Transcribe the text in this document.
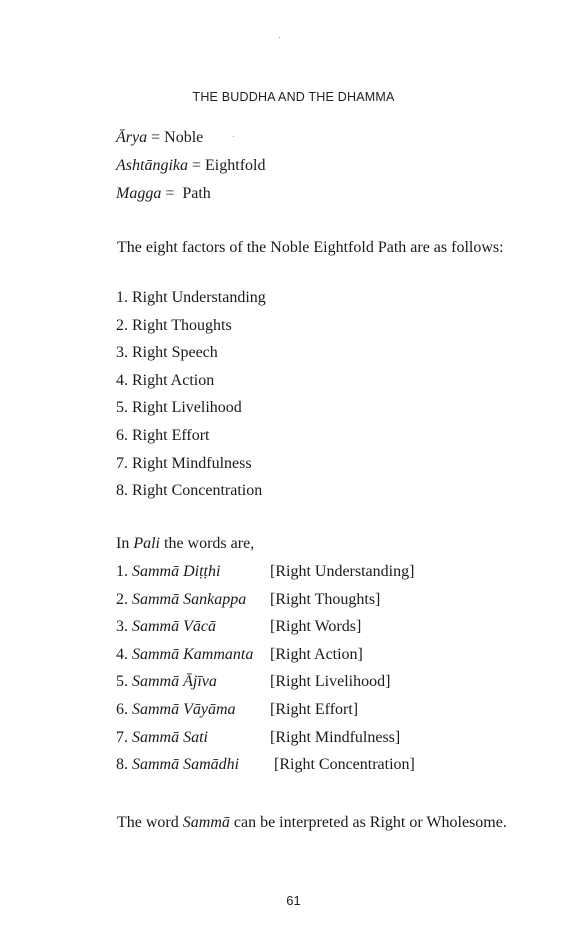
THE BUDDHA AND THE DHAMMA
Ārya = Noble
Ashtāngika = Eightfold
Magga =  Path
The eight factors of the Noble Eightfold Path are as follows:
1. Right Understanding
2. Right Thoughts
3. Right Speech
4. Right Action
5. Right Livelihood
6. Right Effort
7. Right Mindfulness
8. Right Concentration
In Pali the words are,
1. Sammā Diṭṭhi	[Right Understanding]
2. Sammā Sankappa [Right Thoughts]
3. Sammā Vācā	[Right Words]
4. Sammā Kammanta [Right Action]
5. Sammā Ājīva	[Right Livelihood]
6. Sammā Vāyāma [Right Effort]
7. Sammā Sati	[Right Mindfulness]
8. Sammā Samādhi [Right Concentration]
The word Sammā can be interpreted as Right or Wholesome.
61
